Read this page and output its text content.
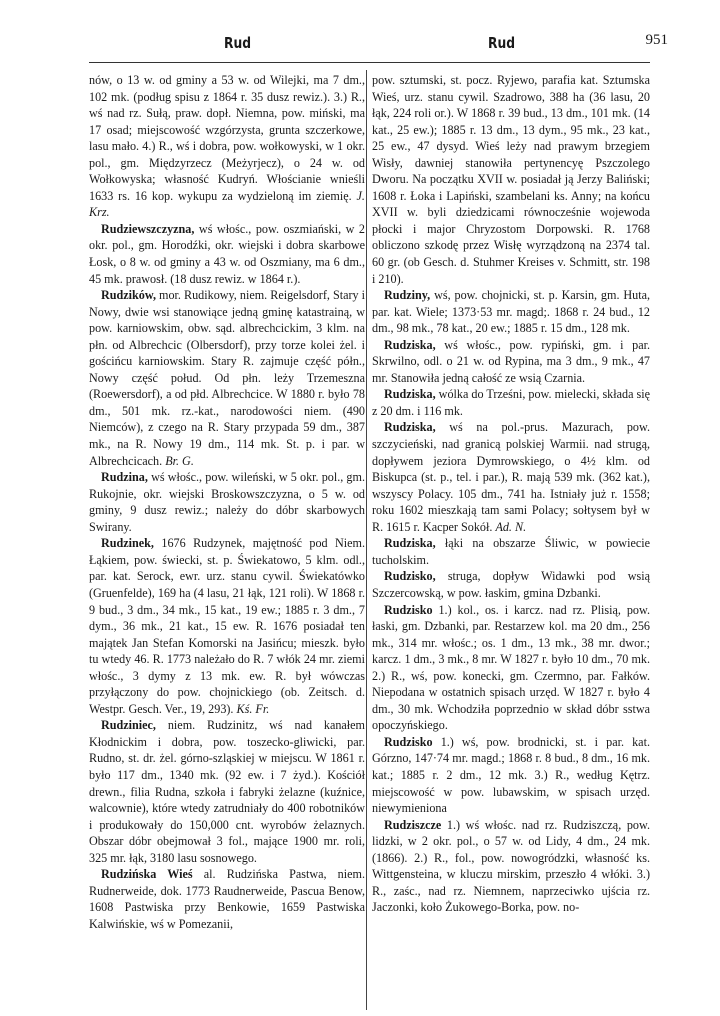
Rud	Rud	951

nów, o 13 w. od gminy a 53 w. od Wilejki, ma 7 dm., 102 mk. (podług spisu z 1864 r. 35 dusz rewiz.). 3.) R., wś nad rz. Sułą, praw. dopł. Niemna, pow. miński, ma 17 osad; miejscowość wzgórzysta, grunta szczerkowe, lasu mało. 4.) R., wś i dobra, pow. wołkowyski, w 1 okr. pol., gm. Międzyrzecz (Meżyrjecz), o 24 w. od Wołkowyska; własność Kudryń. Włościanie wnieśli 1633 rs. 16 kop. wykupu za wydzieloną im ziemię. J. Krz.

Rudziewszczyzna, wś włośc., pow. oszmiański, w 2 okr. pol., gm. Horodźki, okr. wiejski i dobra skarbowe Łosk, o 8 w. od gminy a 43 w. od Oszmiany, ma 6 dm., 45 mk. prawosł. (18 dusz rewiz. w 1864 r.).

Rudzików, mor. Rudikowy, niem. Reigelsdorf, Stary i Nowy, dwie wsi stanowiące jedną gminę katastrainą, w pow. karniowskim, obw. sąd. albrechcickim, 3 klm. na płn. od Albrechcic (Olbersdorf), przy torze kolei żel. i gościńcu karniowskim. Stary R. zajmuje część półn., Nowy część połud. Od płn. leży Trzemeszna (Roewersdorf), a od płd. Albrechcice. W 1880 r. było 78 dm., 501 mk. rz.-kat., narodowości niem. (490 Niemców), z czego na R. Stary przypada 59 dm., 387 mk., na R. Nowy 19 dm., 114 mk. St. p. i par. w Albrechcicach. Br. G.

Rudzina, wś włośc., pow. wileński, w 5 okr. pol., gm. Rukojnie, okr. wiejski Broskowszczyzna, o 5 w. od gminy, 9 dusz rewiz.; należy do dóbr skarbowych Swirany.

Rudzinek, 1676 Rudzynek, majętność pod Niem. Łąkiem, pow. świecki, st. p. Świekatowo, 5 klm. odl., par. kat. Serock, ewr. urz. stanu cywil. Świekatówko (Gruenfelde), 169 ha (4 lasu, 21 łąk, 121 roli). W 1868 r. 9 bud., 3 dm., 34 mk., 15 kat., 19 ew.; 1885 r. 3 dm., 7 dym., 36 mk., 21 kat., 15 ew. R. 1676 posiadał ten majątek Jan Stefan Komorski na Jasińcu; mieszk. było tu wtedy 46. R. 1773 należało do R. 7 włók 24 mr. ziemi włośc., 3 dymy z 13 mk. ew. R. był wówczas przyłączony do pow. chojnickiego (ob. Zeitsch. d. Westpr. Gesch. Ver., 19, 293). Kś. Fr.

Rudziniec, niem. Rudzinitz, wś nad kanałem Kłodnickim i dobra, pow. toszecko-gliwicki, par. Rudno, st. dr. żel. górno-szląskiej w miejscu. W 1861 r. było 117 dm., 1340 mk. (92 ew. i 7 żyd.). Kościół drewn., filia Rudna, szkoła i fabryki żelazne (kuźnice, walcownie), które wtedy zatrudniały do 400 robotników i produkowały do 150,000 cnt. wyrobów żelaznych. Obszar dóbr obejmował 3 fol., mające 1900 mr. roli, 325 mr. łąk, 3180 lasu sosnowego.

Rudzińska Wieś al. Rudzińska Pastwa, niem. Rudnerweide, dok. 1773 Raudnerweide, Pascua Benow, 1608 Pastwiska przy Benkowie, 1659 Pastwiska Kalwińskie, wś w Pomezanii,

pow. sztumski, st. pocz. Ryjewo, parafia kat. Sztumska Wieś, urz. stanu cywil. Szadrowo, 388 ha (36 lasu, 20 łąk, 224 roli or.). W 1868 r. 39 bud., 13 dm., 101 mk. (14 kat., 25 ew.); 1885 r. 13 dm., 13 dym., 95 mk., 23 kat., 25 ew., 47 dysyd. Wieś leży nad prawym brzegiem Wisły, dawniej stanowiła pertynencyę Pszczolego Dworu. Na początku XVII w. posiadał ją Jerzy Baliński; 1608 r. Łoka i Lapiński, szambelani ks. Anny; na końcu XVII w. byli dziedzicami równocześnie wojewoda płocki i major Chryzostom Dorpowski. R. 1768 obliczono szkodę przez Wisłę wyrządzoną na 2374 tal. 60 gr. (ob Gesch. d. Stuhmer Kreises v. Schmitt, str. 198 i 210).

Rudziny, wś, pow. chojnicki, st. p. Karsin, gm. Huta, par. kat. Wiele; 1373·53 mr. magd;. 1868 r. 24 bud., 12 dm., 98 mk., 78 kat., 20 ew.; 1885 r. 15 dm., 128 mk.

Rudziska, wś włośc., pow. rypiński, gm. i par. Skrwilno, odl. o 21 w. od Rypina, ma 3 dm., 9 mk., 47 mr. Stanowiła jedną całość ze wsią Czarnia.

Rudziska, wólka do Trześni, pow. mielecki, składa się z 20 dm. i 116 mk.

Rudziska, wś na pol.-prus. Mazurach, pow. szczycieński, nad granicą polskiej Warmii. nad strugą, dopływem jeziora Dymrowskiego, o 4½ klm. od Biskupca (st. p., tel. i par.), R. mają 539 mk. (362 kat.), wszyscy Polacy. 105 dm., 741 ha. Istniały już r. 1558; roku 1602 mieszkają tam sami Polacy; sołtysem był w R. 1615 r. Kacper Sokół. Ad. N.

Rudziska, łąki na obszarze Śliwic, w powiecie tucholskim.

Rudzisko, struga, dopływ Widawki pod wsią Szczercowską, w pow. łaskim, gmina Dzbanki.

Rudzisko 1.) kol., os. i karcz. nad rz. Plisią, pow. łaski, gm. Dzbanki, par. Restarzew kol. ma 20 dm., 256 mk., 314 mr. włośc.; os. 1 dm., 13 mk., 38 mr. dwor.; karcz. 1 dm., 3 mk., 8 mr. W 1827 r. było 10 dm., 70 mk. 2.) R., wś, pow. konecki, gm. Czermno, par. Fałków. Niepodana w ostatnich spisach urzęd. W 1827 r. było 4 dm., 30 mk. Wchodziła poprzednio w skład dóbr sstwa opoczyńskiego.

Rudzisko 1.) wś, pow. brodnicki, st. i par. kat. Górzno, 147·74 mr. magd.; 1868 r. 8 bud., 8 dm., 16 mk. kat.; 1885 r. 2 dm., 12 mk. 3.) R., według Kętrz. miejscowość w pow. lubawskim, w spisach urzęd. niewymieniona

Rudziszcze 1.) wś włośc. nad rz. Rudziszczą, pow. lidzki, w 2 okr. pol., o 57 w. od Lidy, 4 dm., 24 mk. (1866). 2.) R., fol., pow. nowogródzki, własność ks. Wittgensteina, w kluczu mirskim, przeszło 4 włóki. 3.) R., zaśc., nad rz. Niemnem, naprzeciwko ujścia rz. Jaczonki, koło Żukowego-Borka, pow. no-
